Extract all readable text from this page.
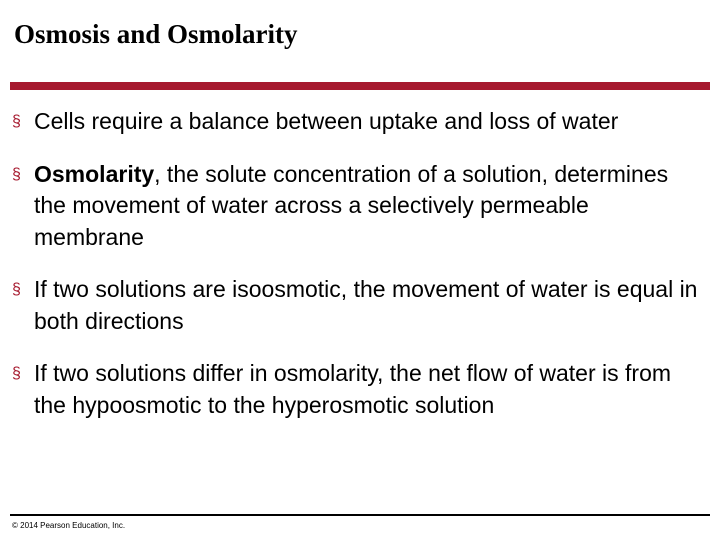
Osmosis and Osmolarity
§ Cells require a balance between uptake and loss of water
§ Osmolarity, the solute concentration of a solution, determines the movement of water across a selectively permeable membrane
§ If two solutions are isoosmotic, the movement of water is equal in both directions
§ If two solutions differ in osmolarity, the net flow of water is from the hypoosmotic to the hyperosmotic solution
© 2014 Pearson Education, Inc.
